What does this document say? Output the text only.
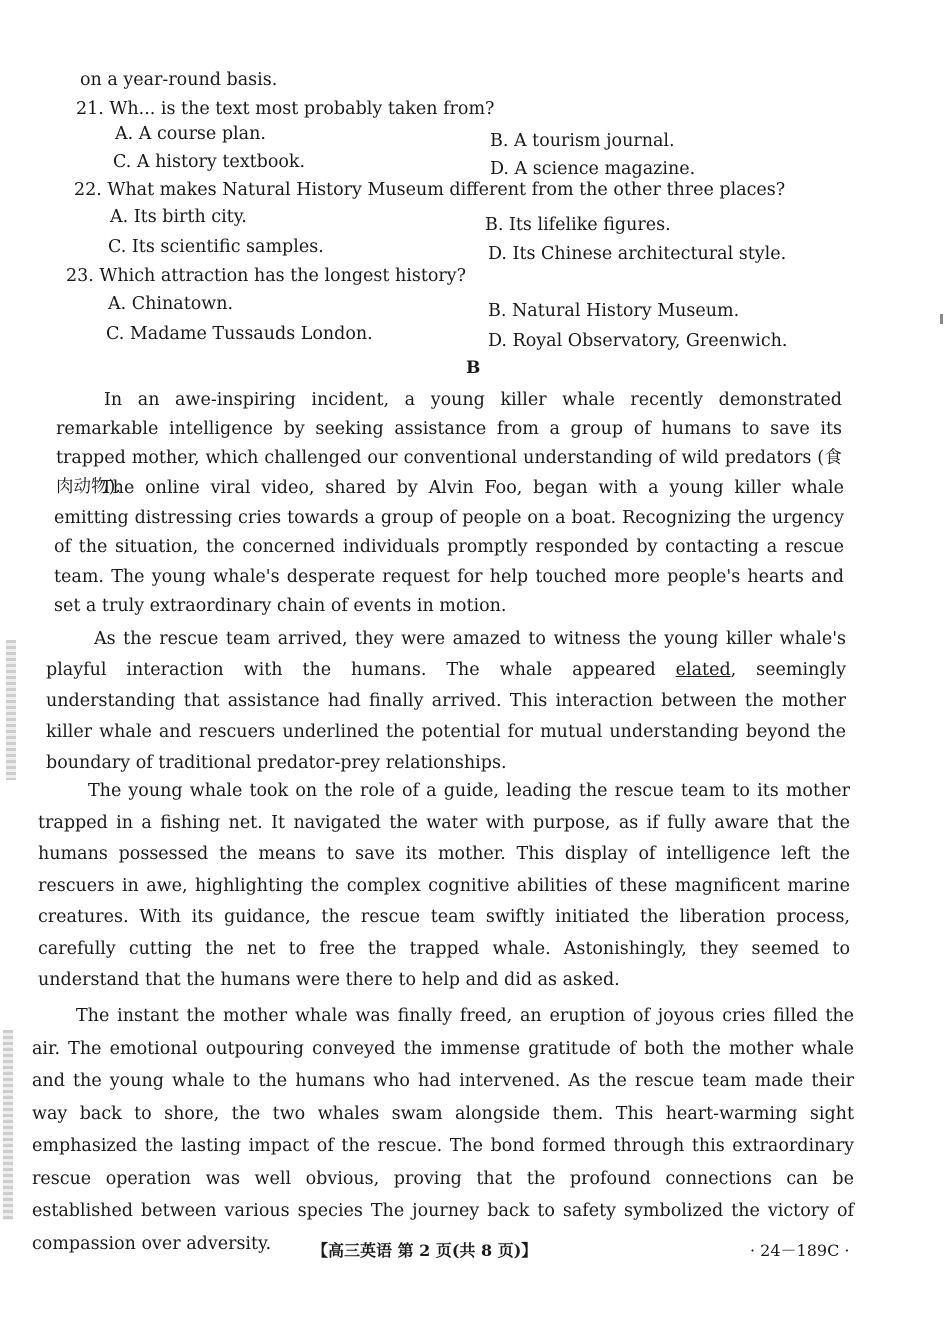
on a year-round basis.
21. Wh... is the text most probably taken from?
A. A course plan.	B. A tourism journal.
C. A history textbook.	D. A science magazine.
22. What makes Natural History Museum different from the other three places?
A. Its birth city.	B. Its lifelike figures.
C. Its scientific samples.	D. Its Chinese architectural style.
23. Which attraction has the longest history?
A. Chinatown.	B. Natural History Museum.
C. Madame Tussauds London.	D. Royal Observatory, Greenwich.
B

In an awe-inspiring incident, a young killer whale recently demonstrated remarkable intelligence by seeking assistance from a group of humans to save its trapped mother, which challenged our conventional understanding of wild predators (食肉动物).

The online viral video, shared by Alvin Foo, began with a young killer whale emitting distressing cries towards a group of people on a boat. Recognizing the urgency of the situation, the concerned individuals promptly responded by contacting a rescue team. The young whale's desperate request for help touched more people's hearts and set a truly extraordinary chain of events in motion.

As the rescue team arrived, they were amazed to witness the young killer whale's playful interaction with the humans. The whale appeared elated, seemingly understanding that assistance had finally arrived. This interaction between the mother killer whale and rescuers underlined the potential for mutual understanding beyond the boundary of traditional predator-prey relationships.

The young whale took on the role of a guide, leading the rescue team to its mother trapped in a fishing net. It navigated the water with purpose, as if fully aware that the humans possessed the means to save its mother. This display of intelligence left the rescuers in awe, highlighting the complex cognitive abilities of these magnificent marine creatures. With its guidance, the rescue team swiftly initiated the liberation process, carefully cutting the net to free the trapped whale. Astonishingly, they seemed to understand that the humans were there to help and did as asked.

The instant the mother whale was finally freed, an eruption of joyous cries filled the air. The emotional outpouring conveyed the immense gratitude of both the mother whale and the young whale to the humans who had intervened. As the rescue team made their way back to shore, the two whales swam alongside them. This heart-warming sight emphasized the lasting impact of the rescue. The bond formed through this extraordinary rescue operation was well obvious, proving that the profound connections can be established between various species The journey back to safety symbolized the victory of compassion over adversity.	【高三英语 第 2 页(共 8 页)】	· 24－189C ·
